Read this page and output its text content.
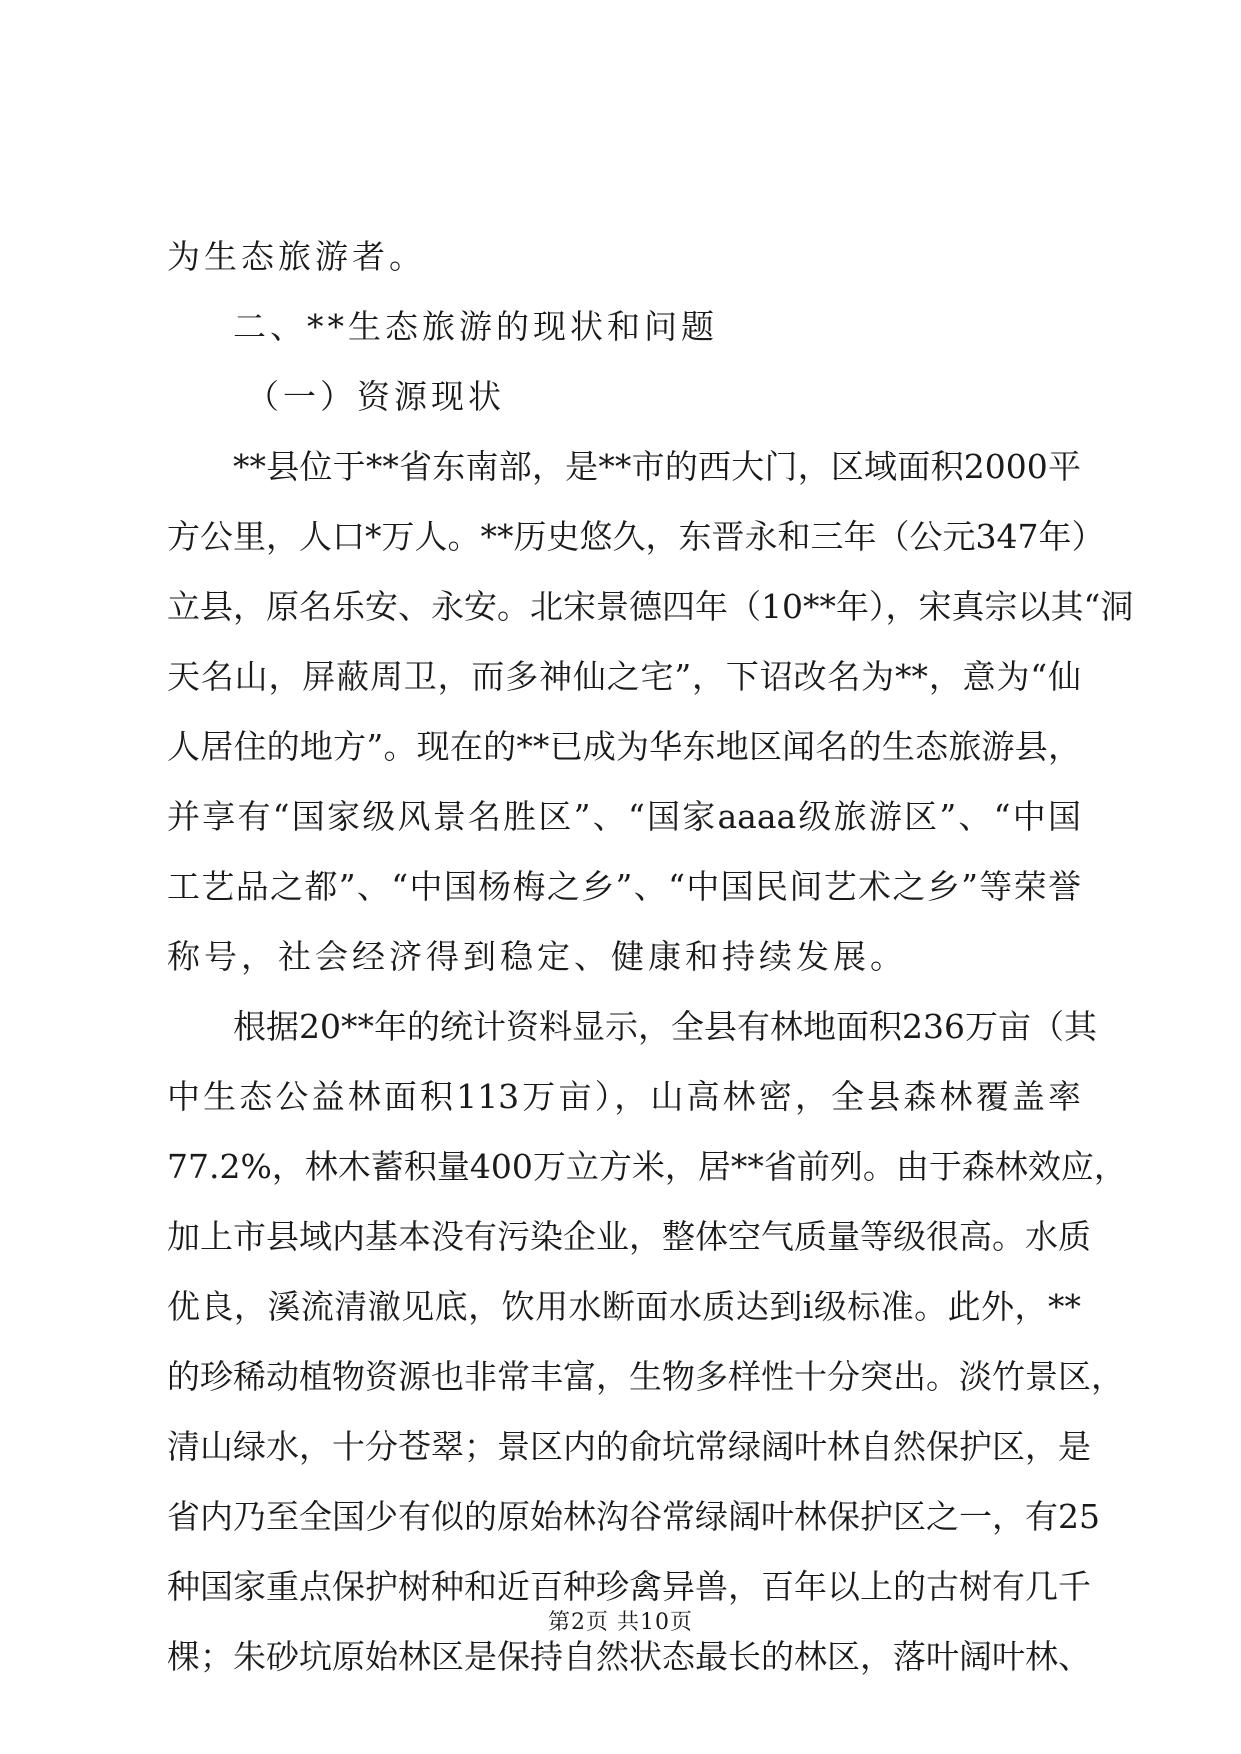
为生态旅游者。
二、**生态旅游的现状和问题
（一）资源现状
**县位于**省东南部，是**市的西大门，区域面积2000平
方公里，人口*万人。**历史悠久，东晋永和三年（公元347年）
立县，原名乐安、永安。北宋景德四年（10**年），宋真宗以其“洞
天名山，屏蔽周卫，而多神仙之宅”，下诏改名为**，意为“仙
人居住的地方”。现在的**已成为华东地区闻名的生态旅游县，
并享有“国家级风景名胜区”、“国家aaaa级旅游区”、“中国
工艺品之都”、“中国杨梅之乡”、“中国民间艺术之乡”等荣誉
称号，社会经济得到稳定、健康和持续发展。
根据20**年的统计资料显示，全县有林地面积236万亩（其
中生态公益林面积113万亩），山高林密，全县森林覆盖率
77.2%，林木蓄积量400万立方米，居**省前列。由于森林效应，
加上市县域内基本没有污染企业，整体空气质量等级很高。水质
优良，溪流清澈见底，饮用水断面水质达到i级标准。此外，**
的珍稀动植物资源也非常丰富，生物多样性十分突出。淡竹景区，
清山绿水，十分苍翠；景区内的俞坑常绿阔叶林自然保护区，是
省内乃至全国少有似的原始林沟谷常绿阔叶林保护区之一，有25
种国家重点保护树种和近百种珍禽异兽，百年以上的古树有几千
棵；朱砂坑原始林区是保持自然状态最长的林区，落叶阔叶林、
第2页 共10页
